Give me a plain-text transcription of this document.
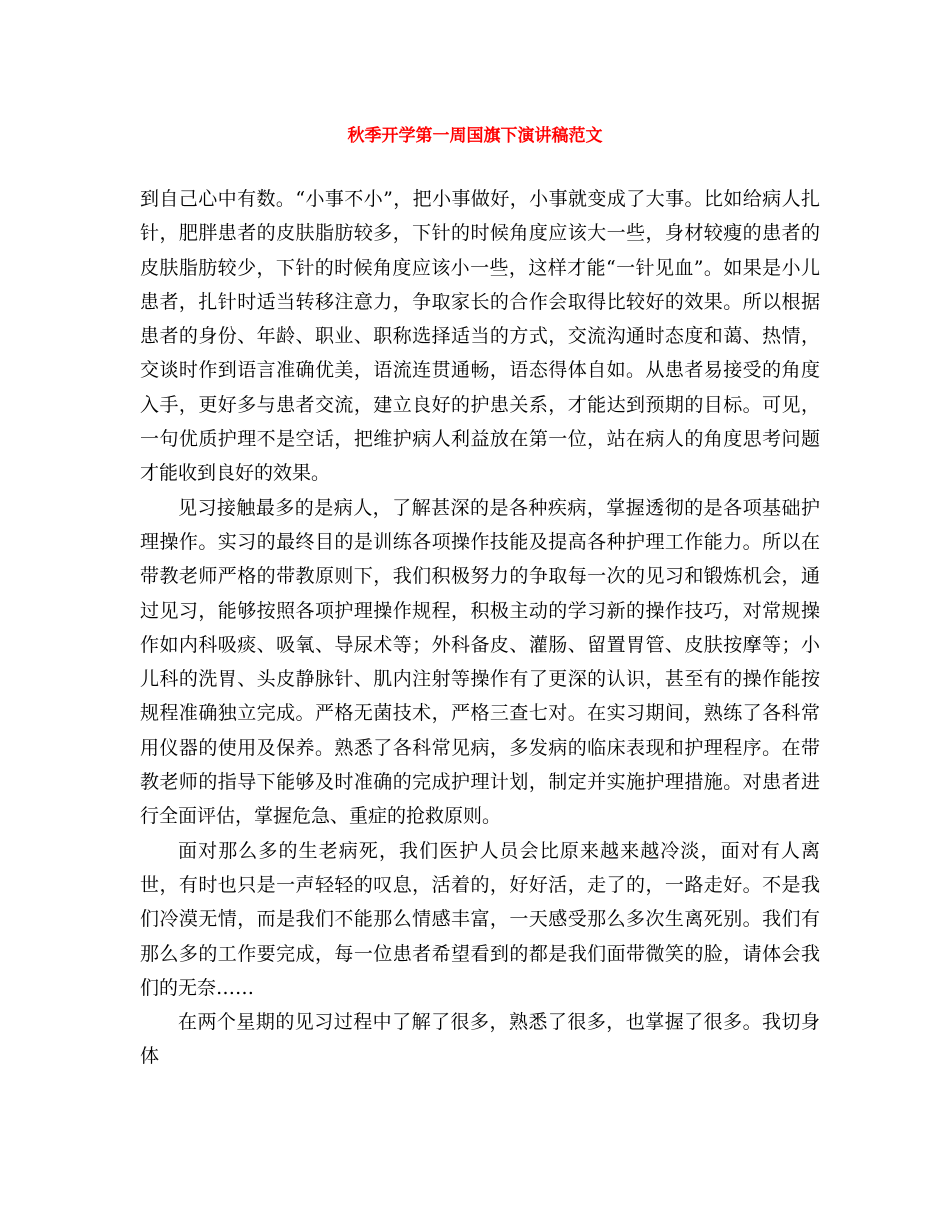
秋季开学第一周国旗下演讲稿范文

到自己心中有数。“小事不小”，把小事做好，小事就变成了大事。比如给病人扎针，肥胖患者的皮肤脂肪较多，下针的时候角度应该大一些，身材较瘦的患者的皮肤脂肪较少，下针的时候角度应该小一些，这样才能“一针见血”。如果是小儿患者，扎针时适当转移注意力，争取家长的合作会取得比较好的效果。所以根据患者的身份、年龄、职业、职称选择适当的方式，交流沟通时态度和蔼、热情，交谈时作到语言准确优美，语流连贯通畅，语态得体自如。从患者易接受的角度入手，更好多与患者交流，建立良好的护患关系，才能达到预期的目标。可见，一句优质护理不是空话，把维护病人利益放在第一位，站在病人的角度思考问题才能收到良好的效果。

见习接触最多的是病人，了解甚深的是各种疾病，掌握透彻的是各项基础护理操作。实习的最终目的是训练各项操作技能及提高各种护理工作能力。所以在带教老师严格的带教原则下，我们积极努力的争取每一次的见习和锻炼机会，通过见习，能够按照各项护理操作规程，积极主动的学习新的操作技巧，对常规操作如内科吸痰、吸氧、导尿术等；外科备皮、灌肠、留置胃管、皮肤按摩等；小儿科的洗胃、头皮静脉针、肌内注射等操作有了更深的认识，甚至有的操作能按规程准确独立完成。严格无菌技术，严格三查七对。在实习期间，熟练了各科常用仪器的使用及保养。熟悉了各科常见病，多发病的临床表现和护理程序。在带教老师的指导下能够及时准确的完成护理计划，制定并实施护理措施。对患者进行全面评估，掌握危急、重症的抢救原则。

面对那么多的生老病死，我们医护人员会比原来越来越冷淡，面对有人离世，有时也只是一声轻轻的叹息，活着的，好好活，走了的，一路走好。不是我们冷漠无情，而是我们不能那么情感丰富，一天感受那么多次生离死别。我们有那么多的工作要完成，每一位患者希望看到的都是我们面带微笑的脸，请体会我们的无奈……

在两个星期的见习过程中了解了很多，熟悉了很多，也掌握了很多。我切身体
